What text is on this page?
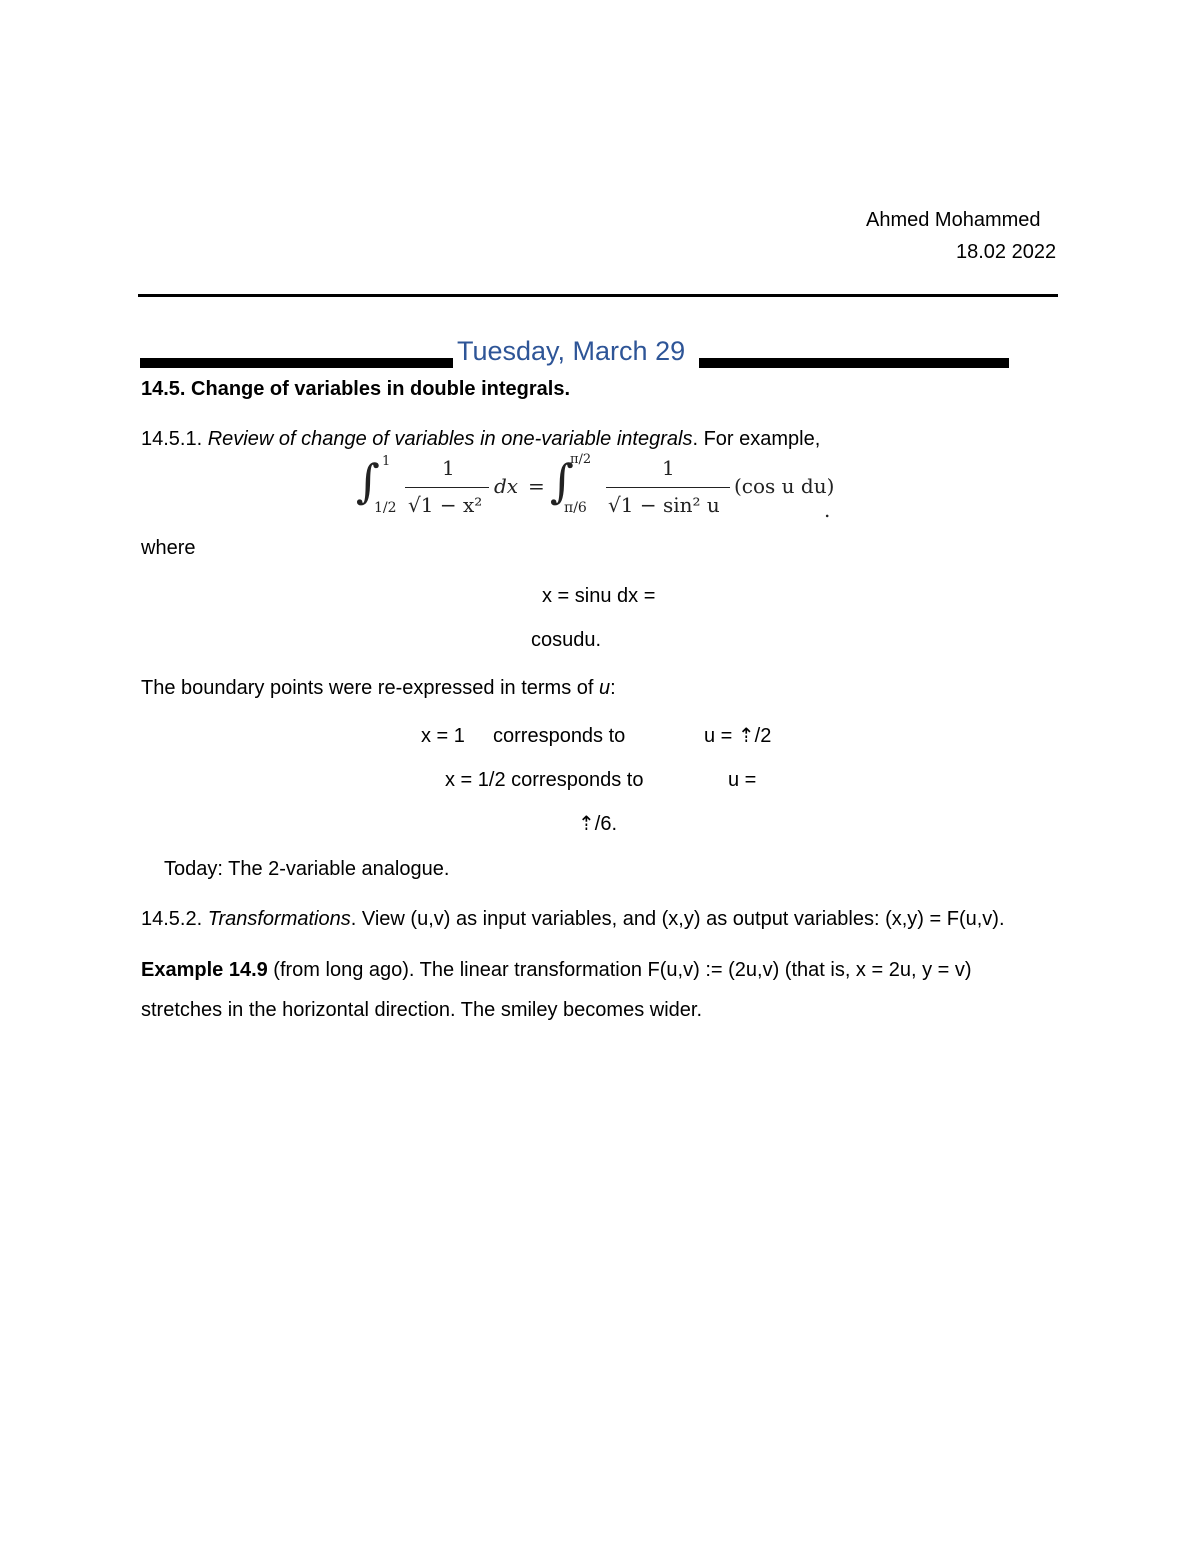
Ahmed Mohammed
18.02 2022
Tuesday, March 29
14.5. Change of variables in double integrals.
14.5.1. Review of change of variables in one-variable integrals. For example,
∫ 1
1/2
1
√1 − x²
dx = ∫
π/2
π/6
1
√1 − sin² u
(cos u du)
.
where
x = sinu dx =
cosudu.
The boundary points were re-expressed in terms of u:
x = 1 corresponds to	u = ⇡/2
x = 1/2 corresponds to	u =
⇡/6.
Today: The 2-variable analogue.
14.5.2. Transformations. View (u,v) as input variables, and (x,y) as output variables: (x,y) = F(u,v).
Example 14.9 (from long ago). The linear transformation F(u,v) := (2u,v) (that is, x = 2u, y = v)
stretches in the horizontal direction. The smiley becomes wider.
